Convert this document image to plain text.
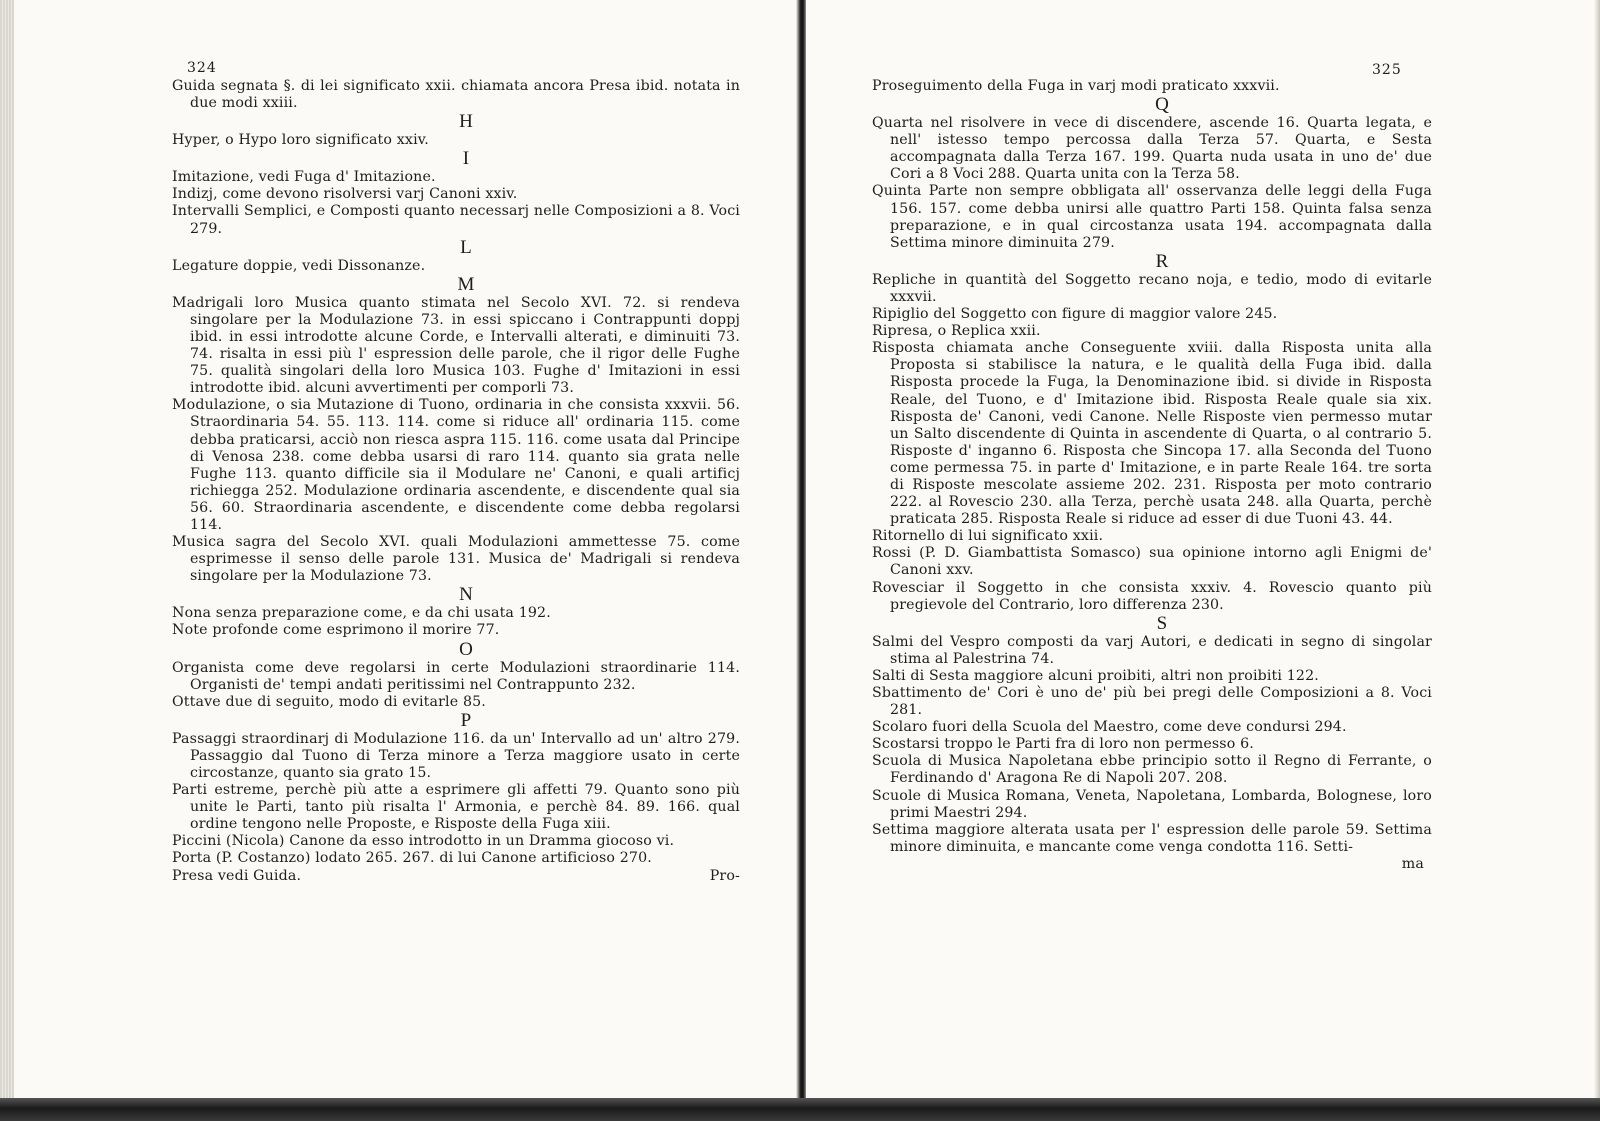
324

Guida segnata §. di lei significato xxii. chiamata ancora Presa ibid. notata in due modi xxiii.

H

Hyper, o Hypo loro significato xxiv.

I

Imitazione, vedi Fuga d' Imitazione.

Indizj, come devono risolversi varj Canoni xxiv.

Intervalli Semplici, e Composti quanto necessarj nelle Composizioni a 8. Voci 279.

L

Legature doppie, vedi Dissonanze.

M

Madrigali loro Musica quanto stimata nel Secolo XVI. 72. si rendeva singolare per la Modulazione 73. in essi spiccano i Contrappunti doppj ibid. in essi introdotte alcune Corde, e Intervalli alterati, e diminuiti 73. 74. risalta in essi più l' espression delle parole, che il rigor delle Fughe 75. qualità singolari della loro Musica 103. Fughe d' Imitazioni in essi introdotte ibid. alcuni avvertimenti per comporli 73.

Modulazione, o sia Mutazione di Tuono, ordinaria in che consista xxxvii. 56. Straordinaria 54. 55. 113. 114. come si riduce all' ordinaria 115. come debba praticarsi, acciò non riesca aspra 115. 116. come usata dal Principe di Venosa 238. come debba usarsi di raro 114. quanto sia grata nelle Fughe 113. quanto difficile sia il Modulare ne' Canoni, e quali artificj richiegga 252. Modulazione ordinaria ascendente, e discendente qual sia 56. 60. Straordinaria ascendente, e discendente come debba regolarsi 114.

Musica sagra del Secolo XVI. quali Modulazioni ammettesse 75. come esprimesse il senso delle parole 131. Musica de' Madrigali si rendeva singolare per la Modulazione 73.

N

Nona senza preparazione come, e da chi usata 192.

Note profonde come esprimono il morire 77.

O

Organista come deve regolarsi in certe Modulazioni straordinarie 114. Organisti de' tempi andati peritissimi nel Contrappunto 232.

Ottave due di seguito, modo di evitarle 85.

P

Passaggi straordinarj di Modulazione 116. da un' Intervallo ad un' altro 279. Passaggio dal Tuono di Terza minore a Terza maggiore usato in certe circostanze, quanto sia grato 15.

Parti estreme, perchè più atte a esprimere gli affetti 79. Quanto sono più unite le Parti, tanto più risalta l' Armonia, e perchè 84. 89. 166. qual ordine tengono nelle Proposte, e Risposte della Fuga xiii.

Piccini (Nicola) Canone da esso introdotto in un Dramma giocoso vi.

Porta (P. Costanzo) lodato 265. 267. di lui Canone artificioso 270.

Presa vedi Guida.	Pro-
325

Proseguimento della Fuga in varj modi praticato xxxvii.

Q

Quarta nel risolvere in vece di discendere, ascende 16. Quarta legata, e nell' istesso tempo percossa dalla Terza 57. Quarta, e Sesta accompagnata dalla Terza 167. 199. Quarta nuda usata in uno de' due Cori a 8 Voci 288. Quarta unita con la Terza 58.

Quinta Parte non sempre obbligata all' osservanza delle leggi della Fuga 156. 157. come debba unirsi alle quattro Parti 158. Quinta falsa senza preparazione, e in qual circostanza usata 194. accompagnata dalla Settima minore diminuita 279.

R

Repliche in quantità del Soggetto recano noja, e tedio, modo di evitarle xxxvii.

Ripiglio del Soggetto con figure di maggior valore 245.

Ripresa, o Replica xxii.

Risposta chiamata anche Conseguente xviii. dalla Risposta unita alla Proposta si stabilisce la natura, e le qualità della Fuga ibid. dalla Risposta procede la Fuga, la Denominazione ibid. si divide in Risposta Reale, del Tuono, e d' Imitazione ibid. Risposta Reale quale sia xix. Risposta de' Canoni, vedi Canone. Nelle Risposte vien permesso mutar un Salto discendente di Quinta in ascendente di Quarta, o al contrario 5. Risposte d' inganno 6. Risposta che Sincopa 17. alla Seconda del Tuono come permessa 75. in parte d' Imitazione, e in parte Reale 164. tre sorta di Risposte mescolate assieme 202. 231. Risposta per moto contrario 222. al Rovescio 230. alla Terza, perchè usata 248. alla Quarta, perchè praticata 285. Risposta Reale si riduce ad esser di due Tuoni 43. 44.

Ritornello di lui significato xxii.

Rossi (P. D. Giambattista Somasco) sua opinione intorno agli Enigmi de' Canoni xxv.

Rovesciar il Soggetto in che consista xxxiv. 4. Rovescio quanto più pregievole del Contrario, loro differenza 230.

S

Salmi del Vespro composti da varj Autori, e dedicati in segno di singolar stima al Palestrina 74.

Salti di Sesta maggiore alcuni proibiti, altri non proibiti 122.

Sbattimento de' Cori è uno de' più bei pregi delle Composizioni a 8. Voci 281.

Scolaro fuori della Scuola del Maestro, come deve condursi 294.

Scostarsi troppo le Parti fra di loro non permesso 6.

Scuola di Musica Napoletana ebbe principio sotto il Regno di Ferrante, o Ferdinando d' Aragona Re di Napoli 207. 208.

Scuole di Musica Romana, Veneta, Napoletana, Lombarda, Bolognese, loro primi Maestri 294.

Settima maggiore alterata usata per l' espression delle parole 59. Settima minore diminuita, e mancante come venga condotta 116. Setti-

ma
